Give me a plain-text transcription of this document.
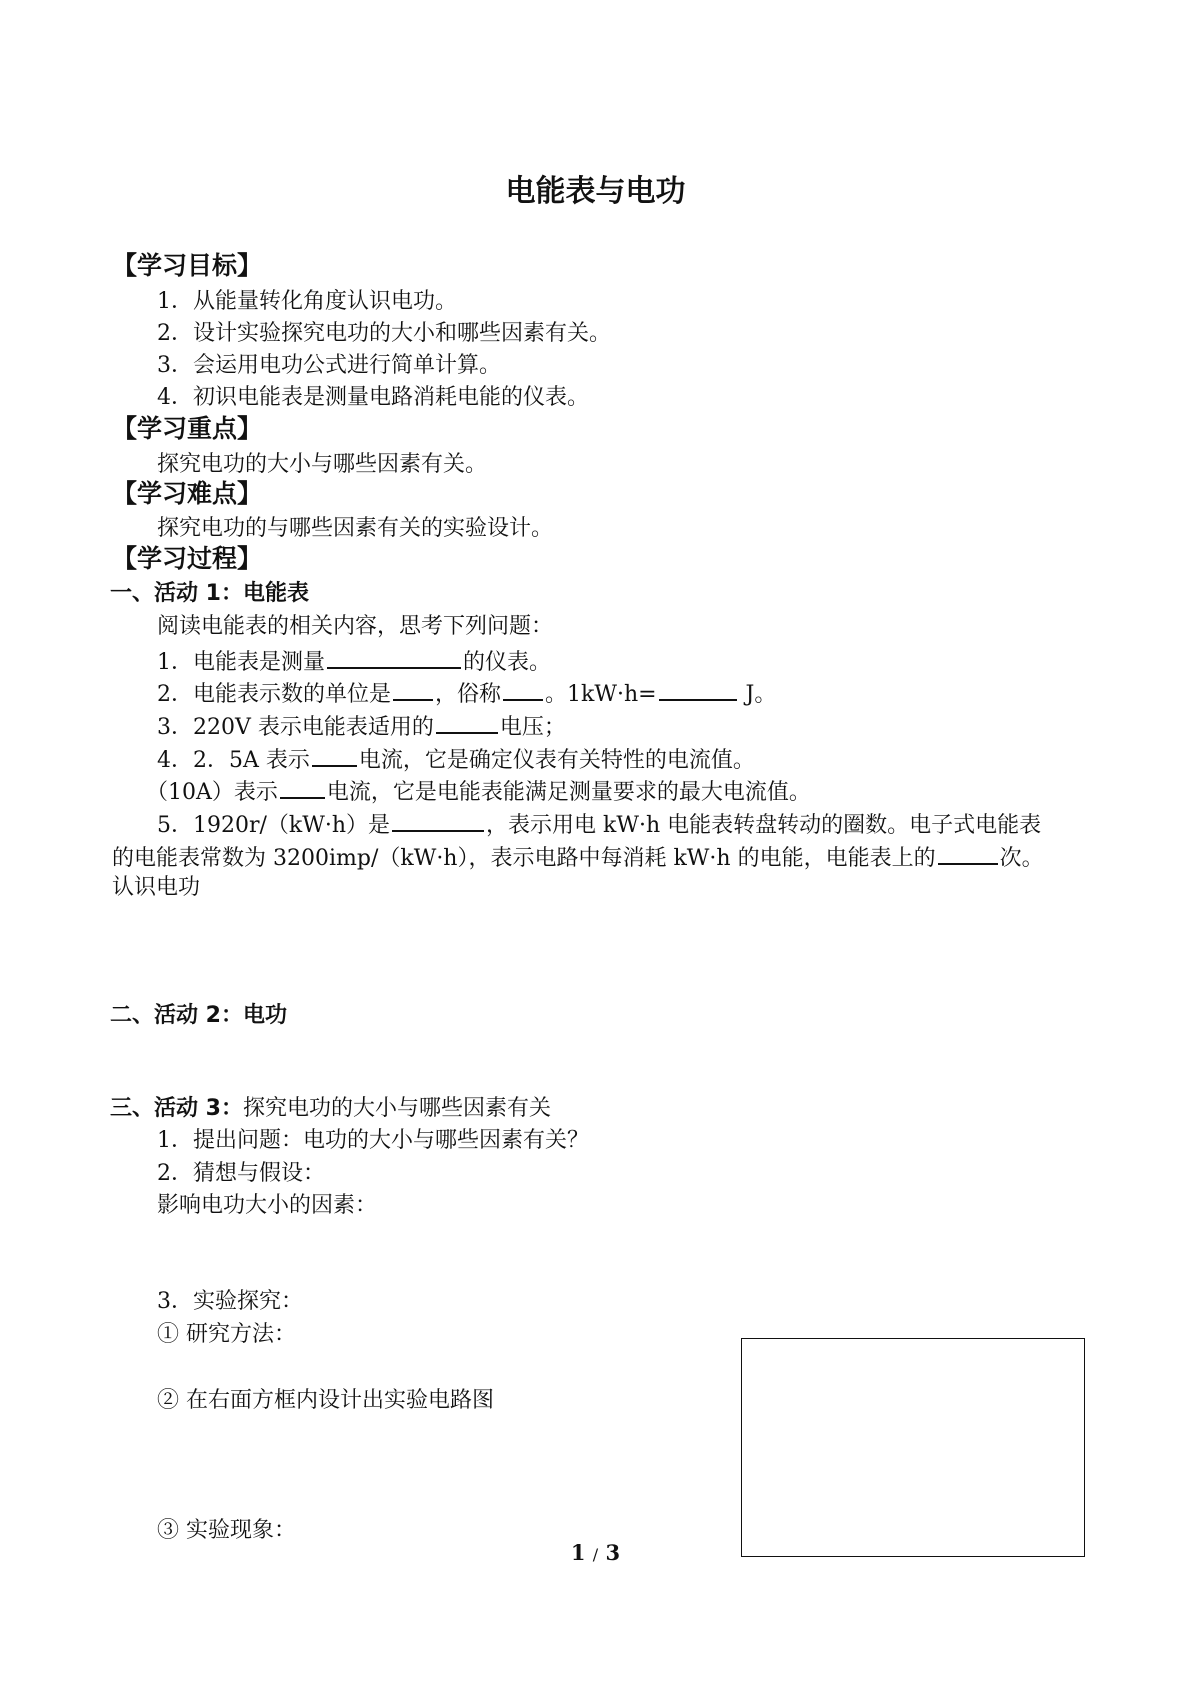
电能表与电功
【学习目标】
1．从能量转化角度认识电功。
2．设计实验探究电功的大小和哪些因素有关。
3．会运用电功公式进行简单计算。
4．初识电能表是测量电路消耗电能的仪表。
【学习重点】
探究电功的大小与哪些因素有关。
【学习难点】
探究电功的与哪些因素有关的实验设计。
【学习过程】
一、活动 1：电能表
阅读电能表的相关内容，思考下列问题：
1．电能表是测量	的仪表。
2．电能表示数的单位是 ，俗称 。1kW·h=	J。
3．220V 表示电能表适用的	电压；
4．2．5A 表示 电流，它是确定仪表有关特性的电流值。
（10A）表示 电流，它是电能表能满足测量要求的最大电流值。
5．1920r/（kW·h）是	，表示用电 kW·h 电能表转盘转动的圈数。电子式电能表
的电能表常数为 3200imp/（kW·h），表示电路中每消耗 kW·h 的电能，电能表上的	次。
认识电功
二、活动 2：电功
三、活动 3：探究电功的大小与哪些因素有关
1．提出问题：电功的大小与哪些因素有关？
2．猜想与假设：
影响电功大小的因素：
3．实验探究：
① 研究方法：
② 在右面方框内设计出实验电路图
③ 实验现象：
1 / 3
